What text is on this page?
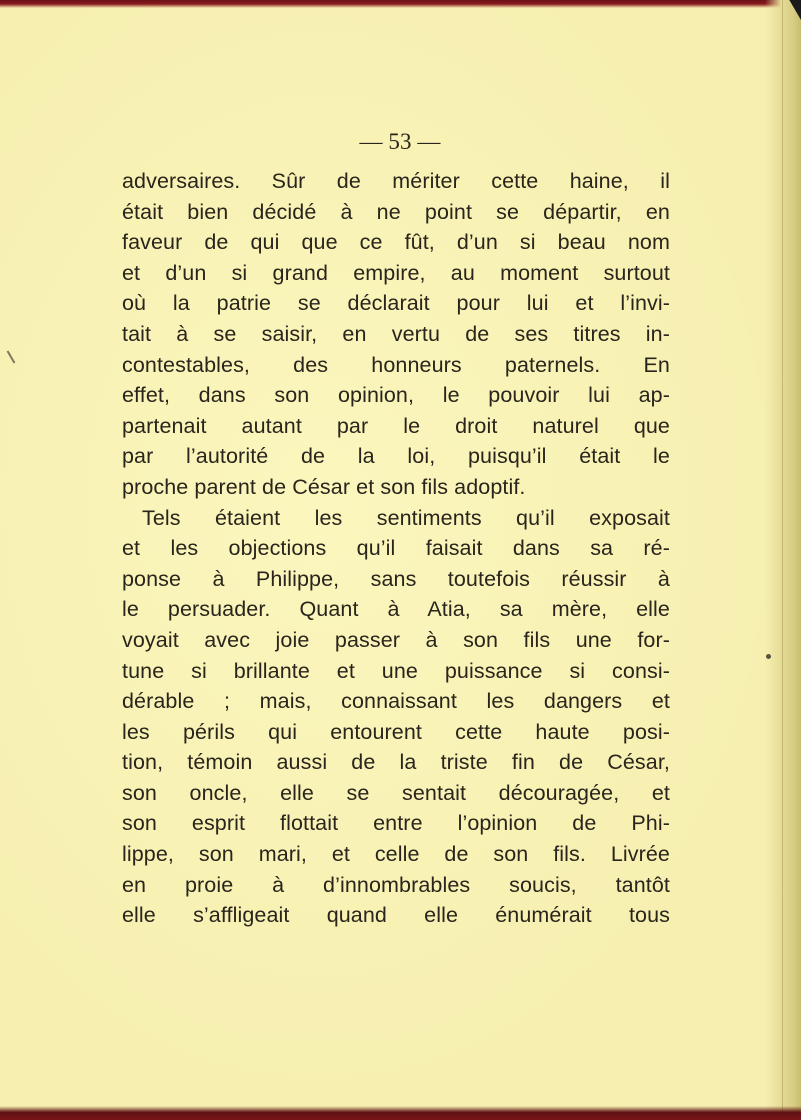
— 53 —
adversaires. Sûr de mériter cette haine, il
était bien décidé à ne point se départir, en
faveur de qui que ce fût, d’un si beau nom
et d’un si grand empire, au moment surtout
où la patrie se déclarait pour lui et l’invi-
tait à se saisir, en vertu de ses titres in-
contestables, des honneurs paternels. En
effet, dans son opinion, le pouvoir lui ap-
partenait autant par le droit naturel que
par l’autorité de la loi, puisqu’il était le
proche parent de César et son fils adoptif.
Tels étaient les sentiments qu’il exposait
et les objections qu’il faisait dans sa ré-
ponse à Philippe, sans toutefois réussir à
le persuader. Quant à Atia, sa mère, elle
voyait avec joie passer à son fils une for-
tune si brillante et une puissance si consi-
dérable ; mais, connaissant les dangers et
les périls qui entourent cette haute posi-
tion, témoin aussi de la triste fin de César,
son oncle, elle se sentait découragée, et
son esprit flottait entre l’opinion de Phi-
lippe, son mari, et celle de son fils. Livrée
en proie à d’innombrables soucis, tantôt
elle s’affligeait quand elle énumérait tous
